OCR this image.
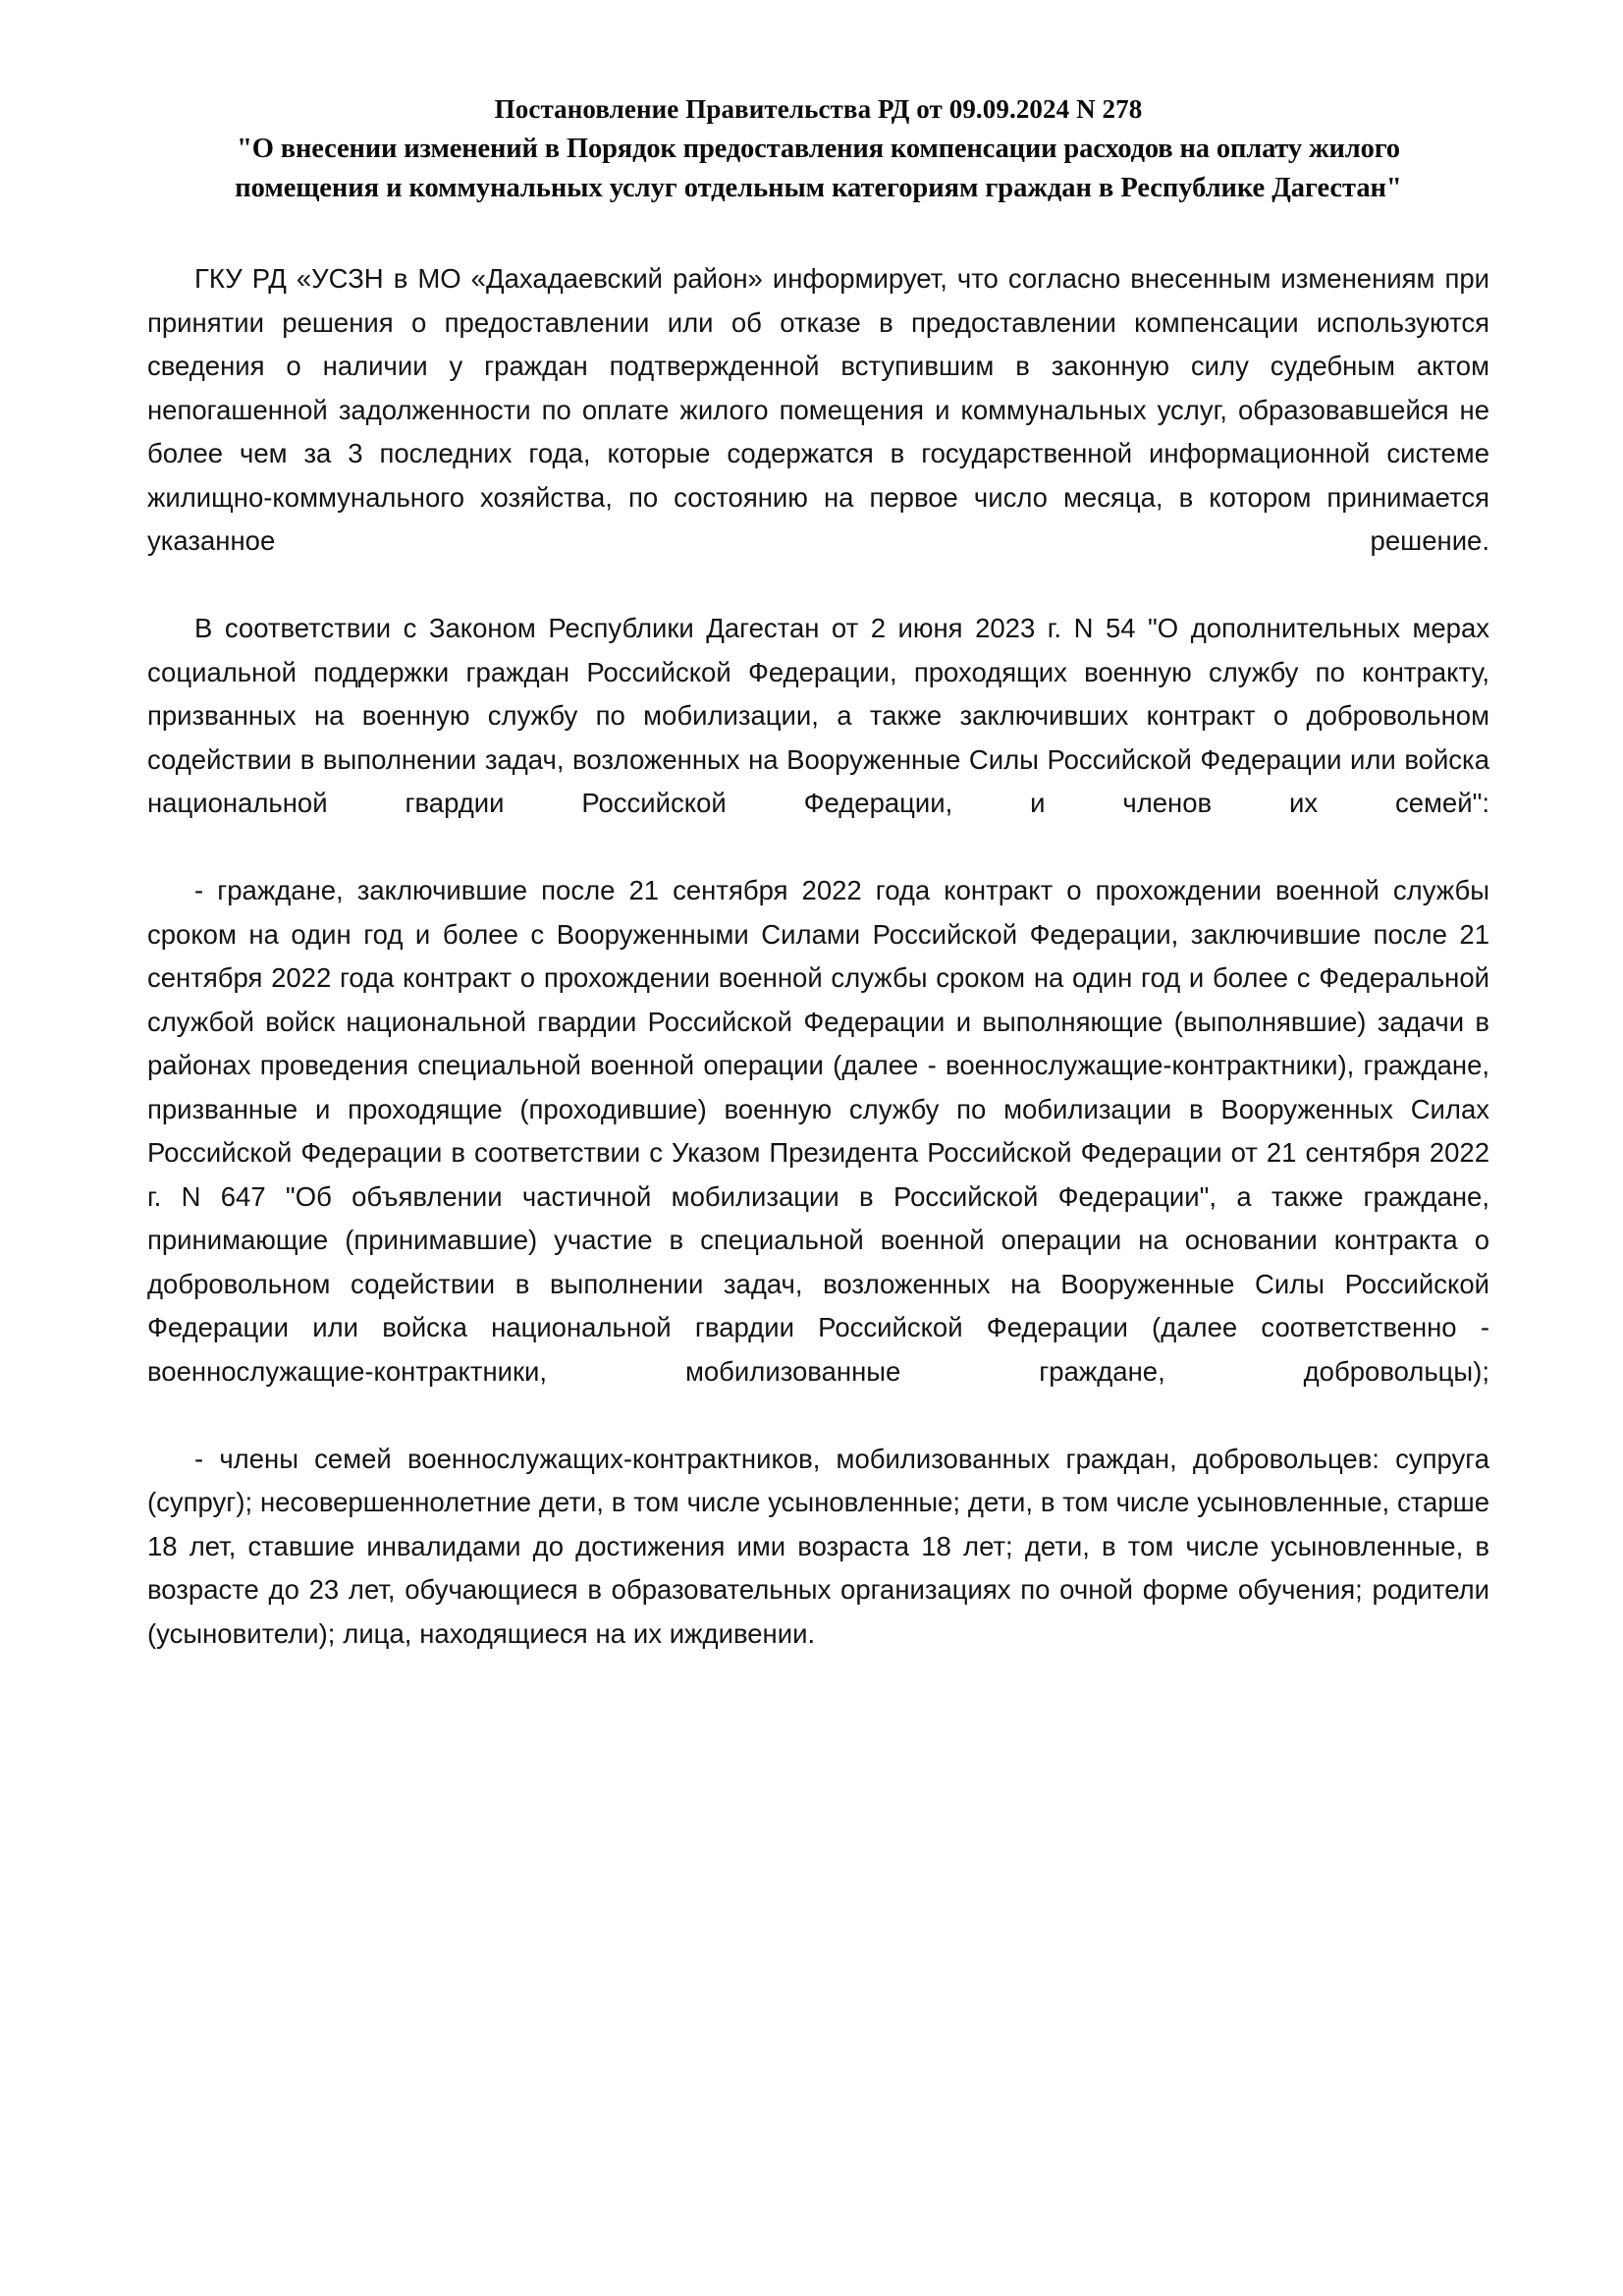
Постановление Правительства РД от 09.09.2024 N 278
"О внесении изменений в Порядок предоставления компенсации расходов на оплату жилого
помещения и коммунальных услуг отдельным категориям граждан в Республике Дагестан"

ГКУ РД «УСЗН в МО «Дахадаевский район» информирует, что согласно внесенным изменениям при принятии решения о предоставлении или об отказе в предоставлении компенсации используются сведения о наличии у граждан подтвержденной вступившим в законную силу судебным актом непогашенной задолженности по оплате жилого помещения и коммунальных услуг, образовавшейся не более чем за 3 последних года, которые содержатся в государственной информационной системе жилищно-коммунального хозяйства, по состоянию на первое число месяца, в котором принимается указанное решение.

В соответствии с Законом Республики Дагестан от 2 июня 2023 г. N 54 "О дополнительных мерах социальной поддержки граждан Российской Федерации, проходящих военную службу по контракту, призванных на военную службу по мобилизации, а также заключивших контракт о добровольном содействии в выполнении задач, возложенных на Вооруженные Силы Российской Федерации или войска национальной гвардии Российской Федерации, и членов их семей":

- граждане, заключившие после 21 сентября 2022 года контракт о прохождении военной службы сроком на один год и более с Вооруженными Силами Российской Федерации, заключившие после 21 сентября 2022 года контракт о прохождении военной службы сроком на один год и более с Федеральной службой войск национальной гвардии Российской Федерации и выполняющие (выполнявшие) задачи в районах проведения специальной военной операции (далее - военнослужащие-контрактники), граждане, призванные и проходящие (проходившие) военную службу по мобилизации в Вооруженных Силах Российской Федерации в соответствии с Указом Президента Российской Федерации от 21 сентября 2022 г. N 647 "Об объявлении частичной мобилизации в Российской Федерации", а также граждане, принимающие (принимавшие) участие в специальной военной операции на основании контракта о добровольном содействии в выполнении задач, возложенных на Вооруженные Силы Российской Федерации или войска национальной гвардии Российской Федерации (далее соответственно - военнослужащие-контрактники, мобилизованные граждане, добровольцы);

- члены семей военнослужащих-контрактников, мобилизованных граждан, добровольцев: супруга (супруг); несовершеннолетние дети, в том числе усыновленные; дети, в том числе усыновленные, старше 18 лет, ставшие инвалидами до достижения ими возраста 18 лет; дети, в том числе усыновленные, в возрасте до 23 лет, обучающиеся в образовательных организациях по очной форме обучения; родители (усыновители); лица, находящиеся на их иждивении.
